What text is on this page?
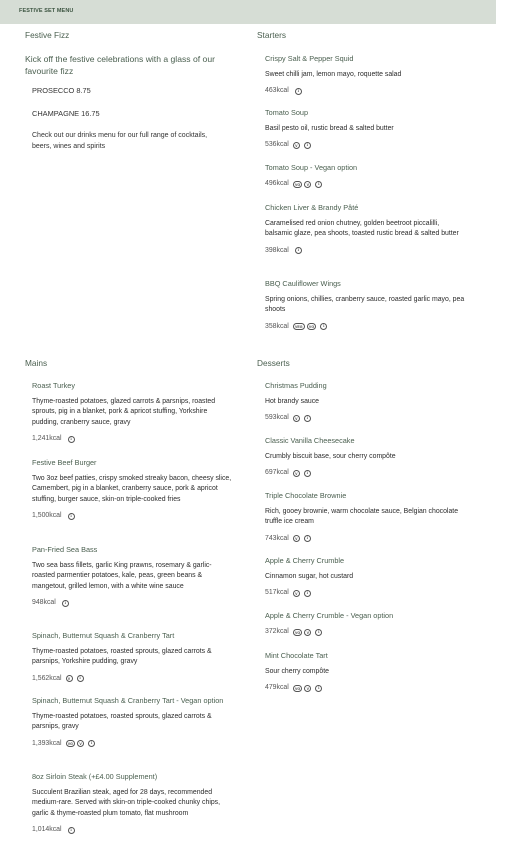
FESTIVE SET MENU
Festive Fizz
Kick off the festive celebrations with a glass of our favourite fizz
PROSECCO 8.75
CHAMPAGNE 16.75
Check out our drinks menu for our full range of cocktails, beers, wines and spirits
Starters
Mains	Desserts
Crispy Salt & Pepper Squid
Sweet chilli jam, lemon mayo, roquette salad
463kcal	i
Tomato Soup
Basil pesto oil, rustic bread & salted butter
536kcal	V	i
Tomato Soup - Vegan option
496kcal	VG	V	i
Chicken Liver & Brandy Pâté
Caramelised red onion chutney, golden beetroot piccalilli, balsamic glaze, pea shoots, toasted rustic bread & salted butter
398kcal	i
BBQ Cauliflower Wings
Spring onions, chillies, cranberry sauce, roasted garlic mayo, pea shoots
358kcal	VEG	VG	i
Roast Turkey
Thyme-roasted potatoes, glazed carrots & parsnips, roasted sprouts, pig in a blanket, pork & apricot stuffing, Yorkshire pudding, cranberry sauce, gravy
1,241kcal	i
Festive Beef Burger
Two 3oz beef patties, crispy smoked streaky bacon, cheesy slice, Camembert, pig in a blanket, cranberry sauce, pork & apricot stuffing, burger sauce, skin-on triple-cooked fries
1,500kcal	i
Pan-Fried Sea Bass
Two sea bass fillets, garlic King prawns, rosemary & garlic-roasted parmentier potatoes, kale, peas, green beans & mangetout, grilled lemon, with a white wine sauce
948kcal	i
Spinach, Butternut Squash & Cranberry Tart
Thyme-roasted potatoes, roasted sprouts, glazed carrots & parsnips, Yorkshire pudding, gravy
1,562kcal	V	i
Spinach, Butternut Squash & Cranberry Tart - Vegan option
Thyme-roasted potatoes, roasted sprouts, glazed carrots & parsnips, gravy
1,393kcal	VG	V	i
8oz Sirloin Steak (+£4.00 Supplement)
Succulent Brazilian steak, aged for 28 days, recommended medium-rare. Served with skin-on triple-cooked chunky chips, garlic & thyme-roasted plum tomato, flat mushroom
1,014kcal	i
Christmas Pudding
Hot brandy sauce
593kcal	V	i
Classic Vanilla Cheesecake
Crumbly biscuit base, sour cherry compôte
697kcal	V	i
Triple Chocolate Brownie
Rich, gooey brownie, warm chocolate sauce, Belgian chocolate truffle ice cream
743kcal	V	i
Apple & Cherry Crumble
Cinnamon sugar, hot custard
517kcal	V	i
Apple & Cherry Crumble - Vegan option
372kcal	VG	V	i
Mint Chocolate Tart
Sour cherry compôte
479kcal	VG	V	i
